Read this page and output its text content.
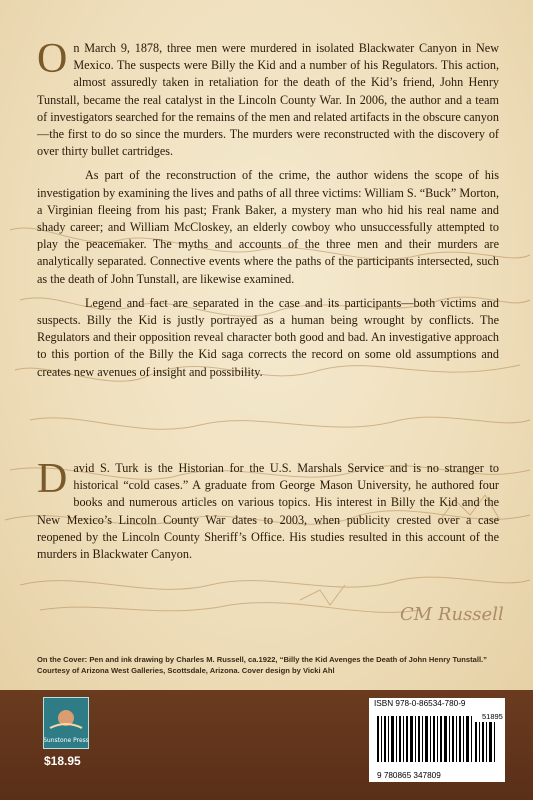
CM Russell

O n March 9, 1878, three men were murdered in isolated Blackwater Canyon in New Mexico. The suspects were Billy the Kid and a number of his Regulators. This action, almost assuredly taken in retaliation for the death of the Kid’s friend, John Henry Tunstall, became the real catalyst in the Lincoln County War. In 2006, the author and a team of investigators searched for the remains of the men and related artifacts in the obscure canyon—the first to do so since the murders. The murders were reconstructed with the discovery of over thirty bullet cartridges.

As part of the reconstruction of the crime, the author widens the scope of his investigation by examining the lives and paths of all three victims: William S. “Buck” Morton, a Virginian fleeing from his past; Frank Baker, a mystery man who hid his real name and shady career; and William McCloskey, an elderly cowboy who unsuccessfully attempted to play the peacemaker. The myths and accounts of the three men and their murders are analytically separated. Connective events where the paths of the participants intersected, such as the death of John Tunstall, are likewise examined.

Legend and fact are separated in the case and its participants—both victims and suspects. Billy the Kid is justly portrayed as a human being wrought by conflicts. The Regulators and their opposition reveal character both good and bad. An investigative approach to this portion of the Billy the Kid saga corrects the record on some old assumptions and creates new avenues of insight and possibility.

D avid S. Turk is the Historian for the U.S. Marshals Service and is no stranger to historical “cold cases.” A graduate from George Mason University, he authored four books and numerous articles on various topics. His interest in Billy the Kid and the New Mexico’s Lincoln County War dates to 2003, when publicity crested over a case reopened by the Lincoln County Sheriff’s Office. His studies resulted in this account of the murders in Blackwater Canyon.

On the Cover: Pen and ink drawing by Charles M. Russell, ca.1922, “Billy the Kid Avenges the Death of John Henry Tunstall.” Courtesy of Arizona West Galleries, Scottsdale, Arizona. Cover design by Vicki Ahl

Sunstone Press
$18.95
ISBN 978-0-86534-780-9
51895
9 780865 347809
